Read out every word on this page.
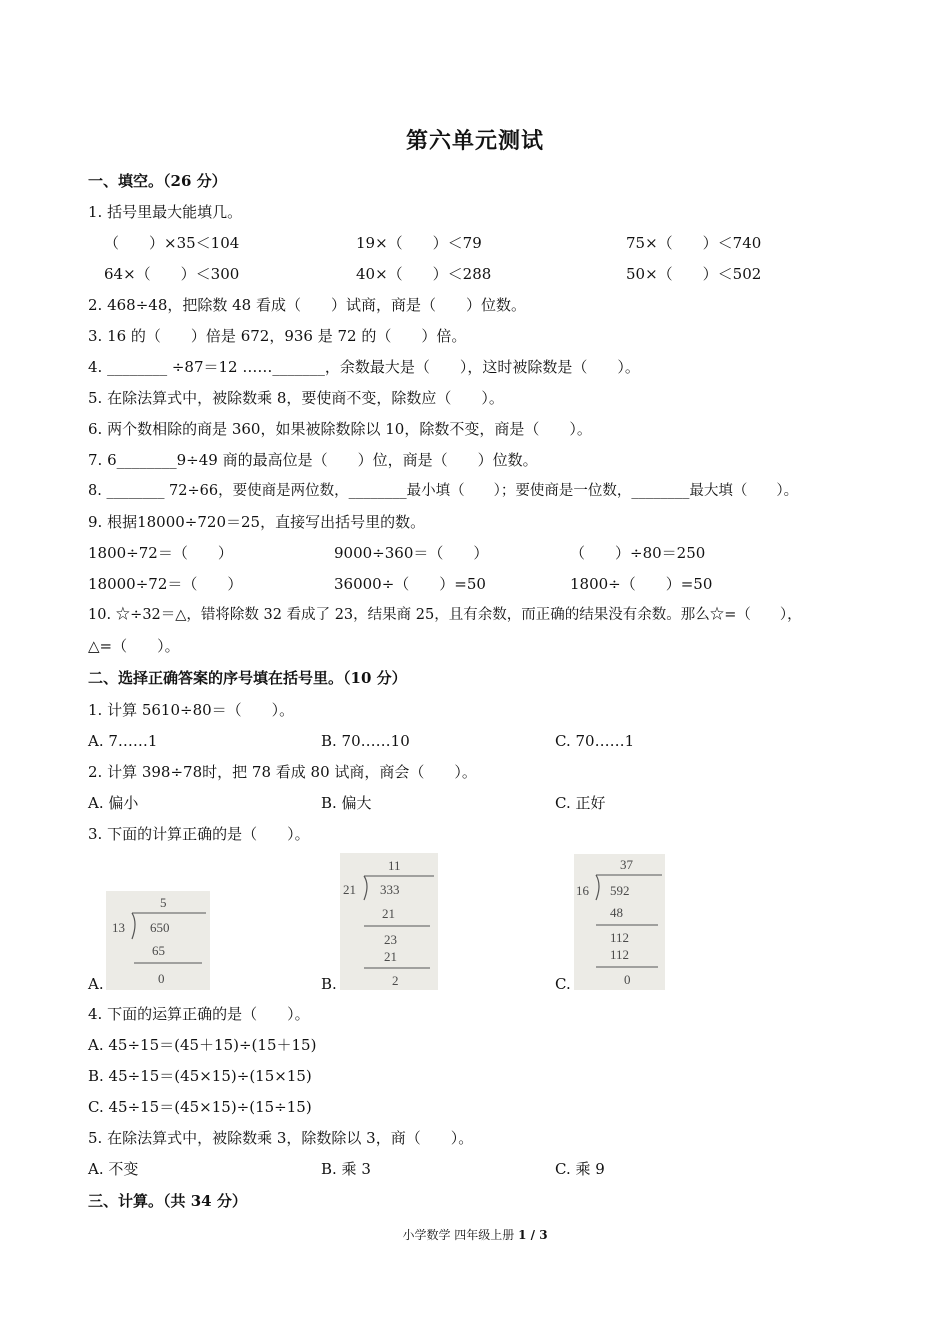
第六单元测试
一、填空。（26 分）
1. 括号里最大能填几。
（　　）×35＜104	19×（　　）＜79	75×（　　）＜740
64×（　　）＜300	40×（　　）＜288	50×（　　）＜502
2. 468÷48，把除数 48 看成（　　）试商，商是（　　）位数。
3. 16 的（　　）倍是 672，936 是 72 的（　　）倍。
4. ________ ÷87＝12 ……_______，余数最大是（　　），这时被除数是（　　）。
5. 在除法算式中，被除数乘 8，要使商不变，除数应（　　）。
6. 两个数相除的商是 360，如果被除数除以 10，除数不变，商是（　　）。
7. 6________9÷49 商的最高位是（　　）位，商是（　　）位数。
8. ________ 72÷66，要使商是两位数，________最小填（　　）；要使商是一位数，________最大填（　　）。
9. 根据18000÷720＝25，直接写出括号里的数。
1800÷72＝（　　）	9000÷360＝（　　）	（　　）÷80＝250
18000÷72＝（　　）	36000÷（　　）=50	1800÷（　　）=50
10. ☆÷32＝△，错将除数 32 看成了 23，结果商 25，且有余数，而正确的结果没有余数。那么☆=（　　），
△=（　　）。
二、选择正确答案的序号填在括号里。（10 分）
1. 计算 5610÷80＝（　　）。
A. 7……1	B. 70……10	C. 70……1
2. 计算 398÷78时，把 78 看成 80 试商，商会（　　）。
A. 偏小	B. 偏大	C. 正好
3. 下面的计算正确的是（　　）。
A.
5
13 650
65
0	B.
11
21 333
21
23
21
2	C.
37
16 592
48
112
112
0
4. 下面的运算正确的是（　　）。
A. 45÷15＝(45＋15)÷(15＋15)
B. 45÷15＝(45×15)÷(15×15)
C. 45÷15＝(45×15)÷(15÷15)
5. 在除法算式中，被除数乘 3，除数除以 3，商（　　）。
A. 不变	B. 乘 3	C. 乘 9
三、计算。（共 34 分）
小学数学 四年级上册 1 / 3
